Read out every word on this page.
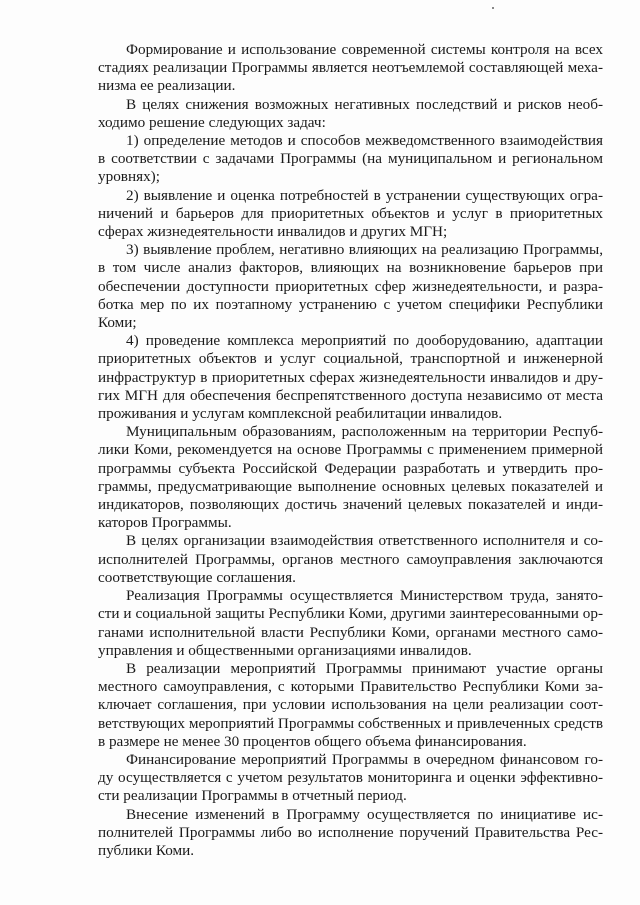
Формирование и использование современной системы контроля на всех стадиях реализации Программы является неотъемлемой составляющей механизма ее реализации.

В целях снижения возможных негативных последствий и рисков необходимо решение следующих задач:

1) определение методов и способов межведомственного взаимодействия в соответствии с задачами Программы (на муниципальном и региональном уровнях);

2) выявление и оценка потребностей в устранении существующих ограничений и барьеров для приоритетных объектов и услуг в приоритетных сферах жизнедеятельности инвалидов и других МГН;

3) выявление проблем, негативно влияющих на реализацию Программы, в том числе анализ факторов, влияющих на возникновение барьеров при обеспечении доступности приоритетных сфер жизнедеятельности, и разработка мер по их поэтапному устранению с учетом специфики Республики Коми;

4) проведение комплекса мероприятий по дооборудованию, адаптации приоритетных объектов и услуг социальной, транспортной и инженерной инфраструктур в приоритетных сферах жизнедеятельности инвалидов и других МГН для обеспечения беспрепятственного доступа независимо от места проживания и услугам комплексной реабилитации инвалидов.

Муниципальным образованиям, расположенным на территории Республики Коми, рекомендуется на основе Программы с применением примерной программы субъекта Российской Федерации разработать и утвердить программы, предусматривающие выполнение основных целевых показателей и индикаторов, позволяющих достичь значений целевых показателей и индикаторов Программы.

В целях организации взаимодействия ответственного исполнителя и соисполнителей Программы, органов местного самоуправления заключаются соответствующие соглашения.

Реализация Программы осуществляется Министерством труда, занятости и социальной защиты Республики Коми, другими заинтересованными органами исполнительной власти Республики Коми, органами местного самоуправления и общественными организациями инвалидов.

В реализации мероприятий Программы принимают участие органы местного самоуправления, с которыми Правительство Республики Коми заключает соглашения, при условии использования на цели реализации соответствующих мероприятий Программы собственных и привлеченных средств в размере не менее 30 процентов общего объема финансирования.

Финансирование мероприятий Программы в очередном финансовом году осуществляется с учетом результатов мониторинга и оценки эффективности реализации Программы в отчетный период.

Внесение изменений в Программу осуществляется по инициативе исполнителей Программы либо во исполнение поручений Правительства Республики Коми.
